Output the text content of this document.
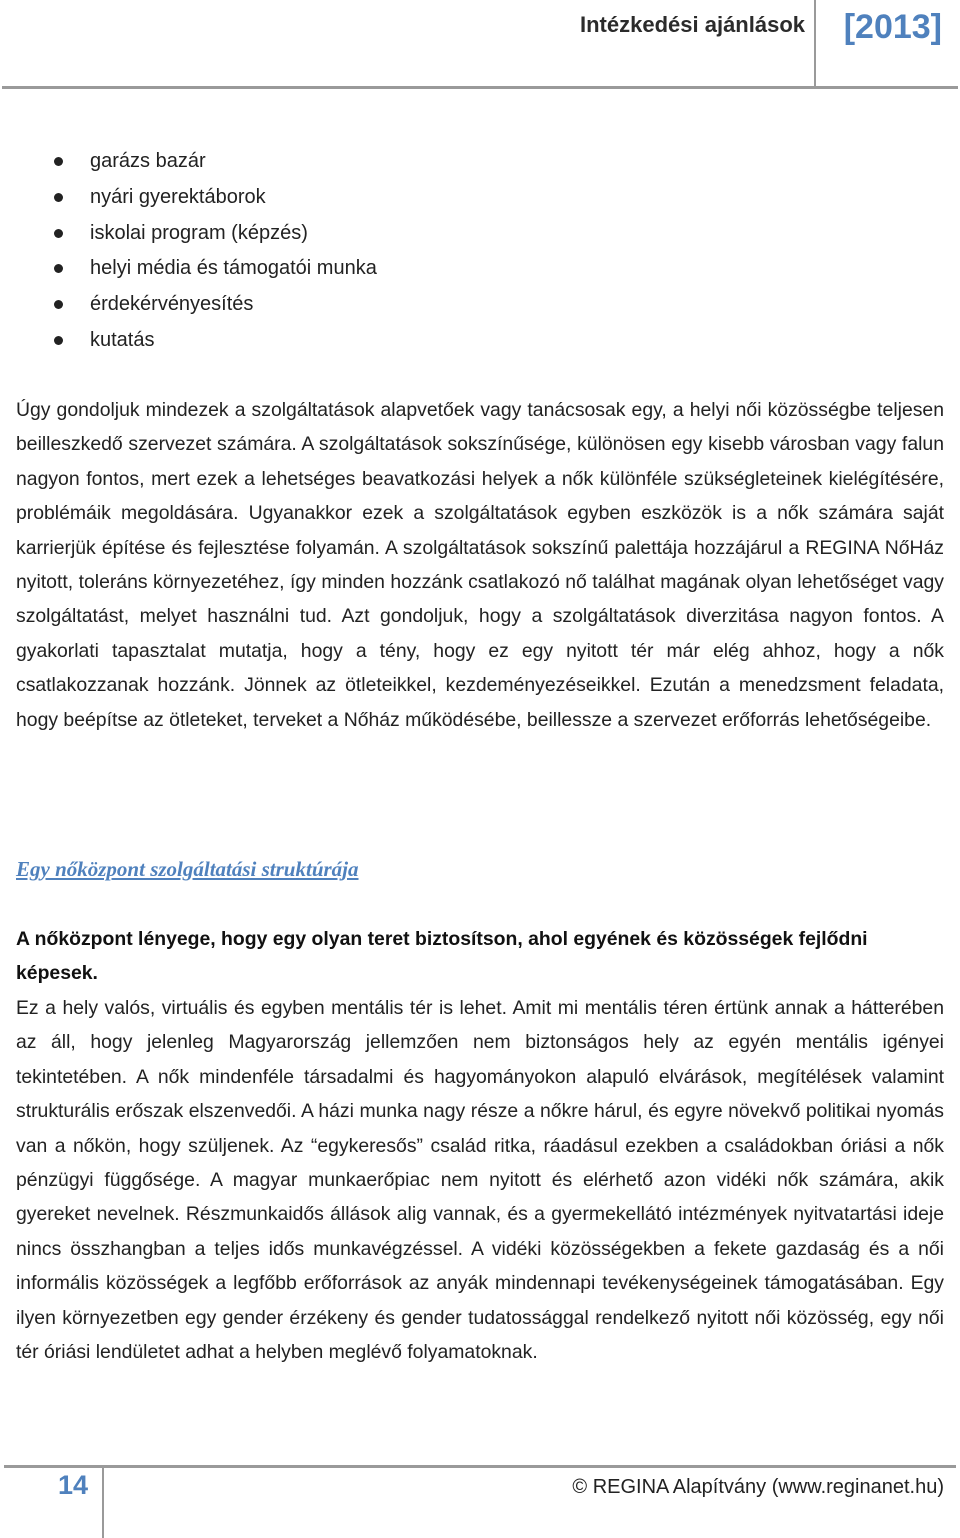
Intézkedési ajánlások [2013]
garázs bazár
nyári gyerektáborok
iskolai program (képzés)
helyi média és támogatói munka
érdekérvényesítés
kutatás

Úgy gondoljuk mindezek a szolgáltatások alapvetőek vagy tanácsosak egy, a helyi női közösségbe teljesen beilleszkedő szervezet számára. A szolgáltatások sokszínűsége, különösen egy kisebb városban vagy falun nagyon fontos, mert ezek a lehetséges beavatkozási helyek a nők különféle szükségleteinek kielégítésére, problémáik megoldására. Ugyanakkor ezek a szolgáltatások egyben eszközök is a nők számára saját karrierjük építése és fejlesztése folyamán. A szolgáltatások sokszínű palettája hozzájárul a REGINA NőHáz nyitott, toleráns környezetéhez, így minden hozzánk csatlakozó nő találhat magának olyan lehetőséget vagy szolgáltatást, melyet használni tud. Azt gondoljuk, hogy a szolgáltatások diverzitása nagyon fontos. A gyakorlati tapasztalat mutatja, hogy a tény, hogy ez egy nyitott tér már elég ahhoz, hogy a nők csatlakozzanak hozzánk. Jönnek az ötleteikkel, kezdeményezéseikkel. Ezután a menedzsment feladata, hogy beépítse az ötleteket, terveket a Nőház működésébe, beillessze a szervezet erőforrás lehetőségeibe.

Egy nőközpont szolgáltatási struktúrája

A nőközpont lényege, hogy egy olyan teret biztosítson, ahol egyének és közösségek fejlődni képesek.

Ez a hely valós, virtuális és egyben mentális tér is lehet. Amit mi mentális téren értünk annak a hátterében az áll, hogy jelenleg Magyarország jellemzően nem biztonságos hely az egyén mentális igényei tekintetében. A nők mindenféle társadalmi és hagyományokon alapuló elvárások, megítélések valamint strukturális erőszak elszenvedői. A házi munka nagy része a nőkre hárul, és egyre növekvő politikai nyomás van a nőkön, hogy szüljenek. Az “egykeresős” család ritka, ráadásul ezekben a családokban óriási a nők pénzügyi függősége. A magyar munkaerőpiac nem nyitott és elérhető azon vidéki nők számára, akik gyereket nevelnek. Részmunkaidős állások alig vannak, és a gyermekellátó intézmények nyitvatartási ideje nincs összhangban a teljes idős munkavégzéssel. A vidéki közösségekben a fekete gazdaság és a női informális közösségek a legfőbb erőforrások az anyák mindennapi tevékenységeinek támogatásában. Egy ilyen környezetben egy gender érzékeny és gender tudatossággal rendelkező nyitott női közösség, egy női tér óriási lendületet adhat a helyben meglévő folyamatoknak.

14	© REGINA Alapítvány (www.reginanet.hu)
